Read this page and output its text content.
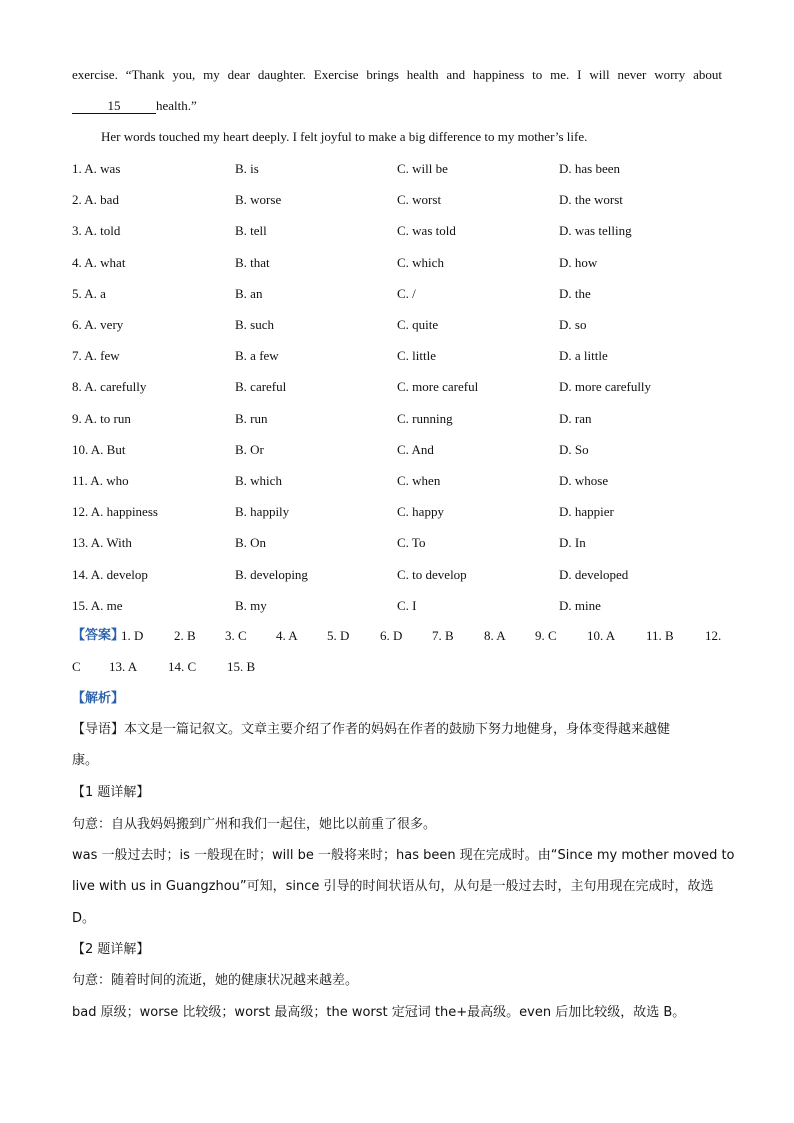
exercise. “Thank you, my dear daughter. Exercise brings health and happiness to me. I will never worry about
15	health.”
Her words touched my heart deeply. I felt joyful to make a big difference to my mother’s life.
1. A. was	B. is	C. will be	D. has been
2. A. bad	B. worse	C. worst	D. the worst
3. A. told	B. tell	C. was told	D. was telling
4. A. what	B. that	C. which	D. how
5. A. a	B. an	C. /	D. the
6. A. very	B. such	C. quite	D. so
7. A. few	B. a few	C. little	D. a little
8. A. carefully	B. careful	C. more careful	D. more carefully
9. A. to run	B. run	C. running	D. ran
10. A. But	B. Or	C. And	D. So
11. A. who	B. which	C. when	D. whose
12. A. happiness	B. happily	C. happy	D. happier
13. A. With	B. On	C. To	D. In
14. A. develop	B. developing	C. to develop	D. developed
15. A. me	B. my	C. I	D. mine
【答案】
1. D 2. B 3. C 4. A 5. D 6. D 7. B 8. A 9. C 10. A 11. B 12.
C 13. A 14. C 15. B
【解析】
【导语】本文是一篇记叙文。文章主要介绍了作者的妈妈在作者的鼓励下努力地健身，身体变得越来越健
康。
【1 题详解】
句意：自从我妈妈搬到广州和我们一起住，她比以前重了很多。
was 一般过去时；is 一般现在时；will be 一般将来时；has been 现在完成时。由“Since my mother moved to
live with us in Guangzhou”可知，since 引导的时间状语从句，从句是一般过去时，主句用现在完成时，故选
D。
【2 题详解】
句意：随着时间的流逝，她的健康状况越来越差。
bad 原级；worse 比较级；worst 最高级；the worst 定冠词 the+最高级。even 后加比较级，故选 B。
